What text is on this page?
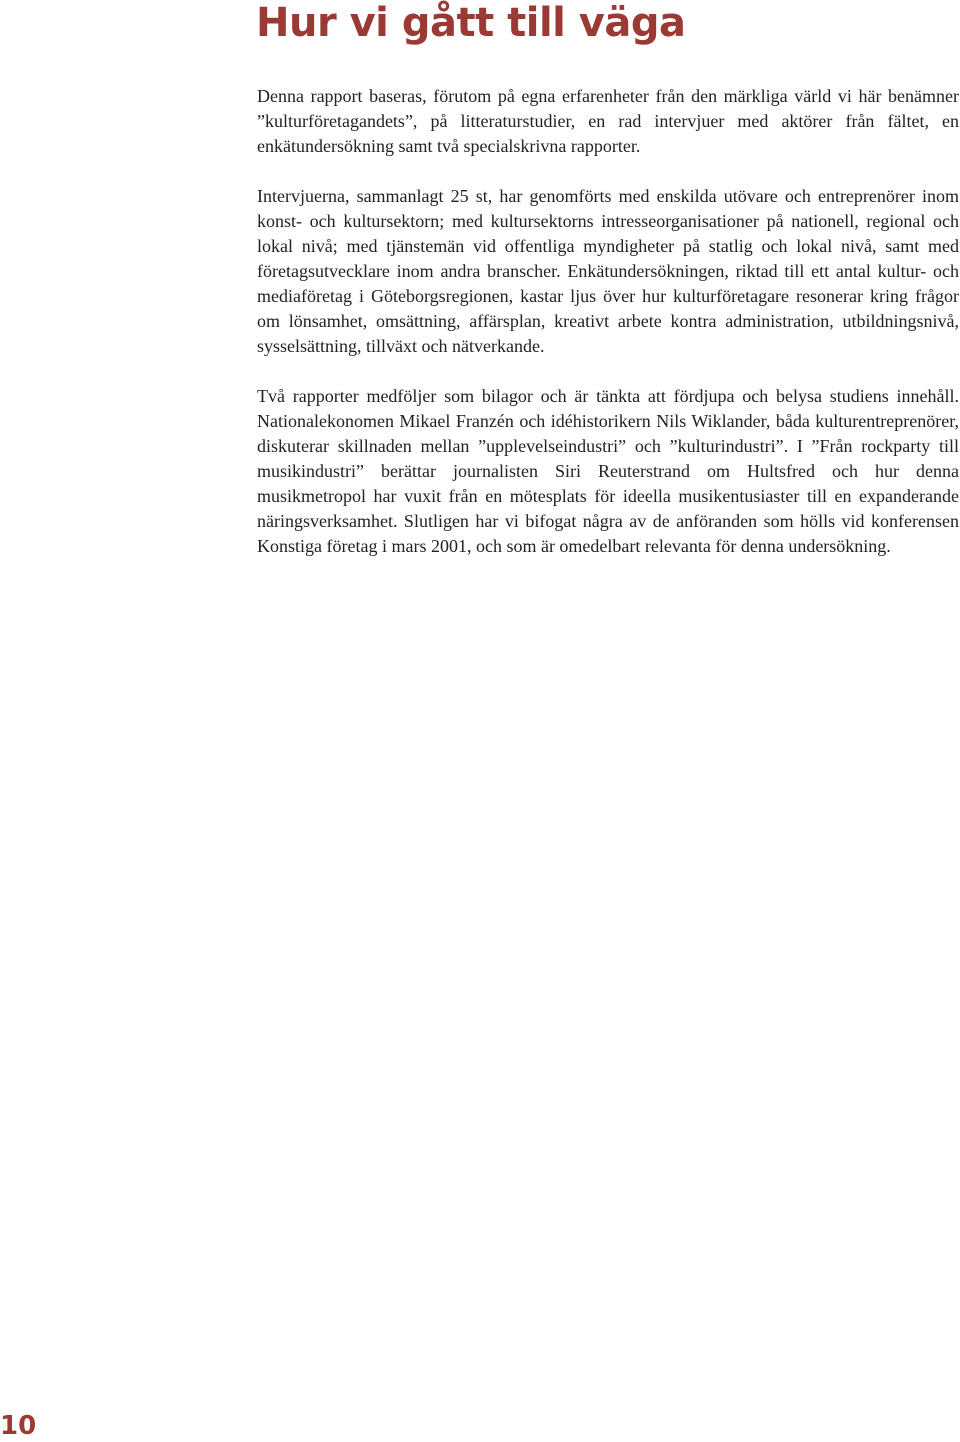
Hur vi gått till väga

Denna rapport baseras, förutom på egna erfarenheter från den märkliga värld vi här benämner ”kulturföretagandets”, på litteraturstudier, en rad intervjuer med aktörer från fältet, en enkätundersökning samt två specialskrivna rapporter.

Intervjuerna, sammanlagt 25 st, har genomförts med enskilda utövare och entreprenörer inom konst- och kultursektorn; med kultursektorns intresseorganisationer på nationell, regional och lokal nivå; med tjänstemän vid offentliga myndigheter på statlig och lokal nivå, samt med företagsutvecklare inom andra branscher. Enkätundersökningen, riktad till ett antal kultur- och mediaföretag i Göteborgsregionen, kastar ljus över hur kulturföretagare resonerar kring frågor om lönsamhet, omsättning, affärsplan, kreativt arbete kontra administration, utbildningsnivå, sysselsättning, tillväxt och nätverkande.

Två rapporter medföljer som bilagor och är tänkta att fördjupa och belysa studiens innehåll. Nationalekonomen Mikael Franzén och idéhistorikern Nils Wiklander, båda kulturentreprenörer, diskuterar skillnaden mellan ”upplevelseindustri” och ”kulturindustri”. I ”Från rockparty till musikindustri” berättar journalisten Siri Reuterstrand om Hultsfred och hur denna musikmetropol har vuxit från en mötesplats för ideella musikentusiaster till en expanderande näringsverksamhet. Slutligen har vi bifogat några av de anföranden som hölls vid konferensen Konstiga företag i mars 2001, och som är omedelbart relevanta för denna undersökning.

10
